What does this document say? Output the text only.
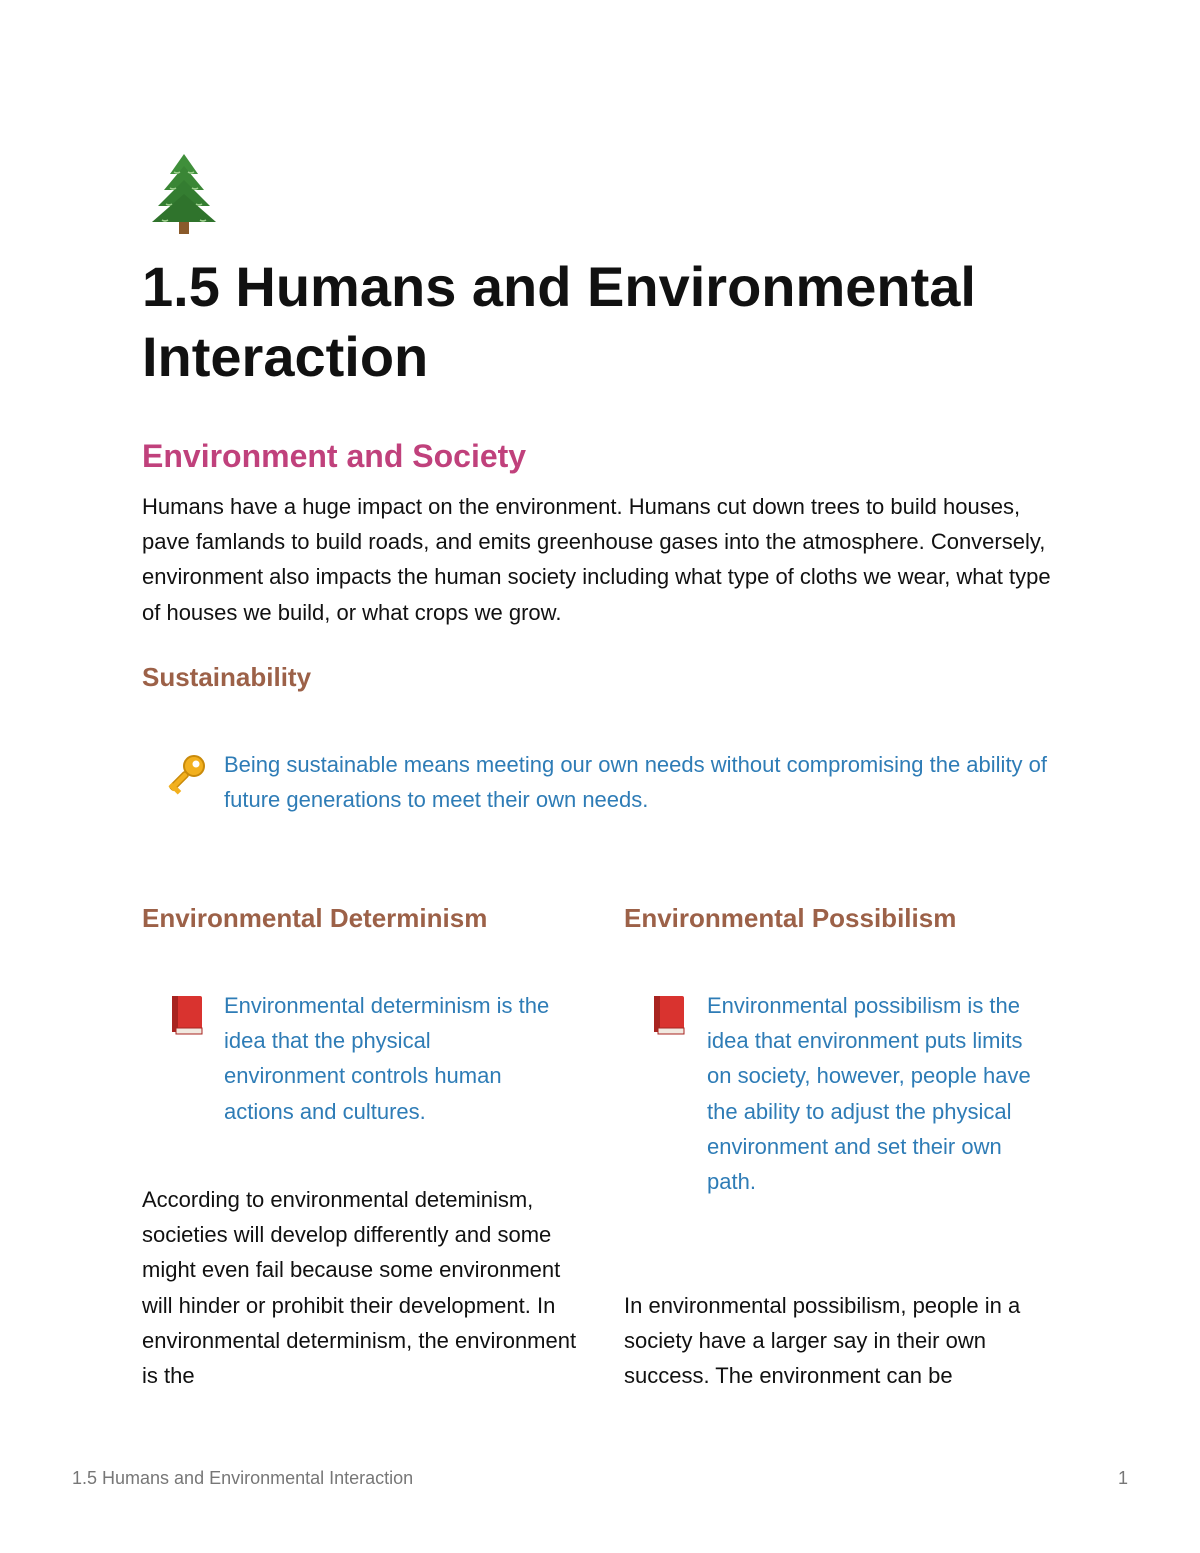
1.5 Humans and Environmental Interaction
Environment and Society

Humans have a huge impact on the environment. Humans cut down trees to build houses, pave famlands to build roads, and emits greenhouse gases into the atmosphere. Conversely, environment also impacts the human society including what type of cloths we wear, what type of houses we build, or what crops we grow.

Sustainability

Being sustainable means meeting our own needs without compromising the ability of future generations to meet their own needs.

Environmental Determinism

Environmental determinism is the idea that the physical environment controls human actions and cultures.

According to environmental deteminism, societies will develop differently and some might even fail because some environment will hinder or prohibit their development. In environmental determinism, the environment is the

Environmental Possibilism

Environmental possibilism is the idea that environment puts limits on society, however, people have the ability to adjust the physical environment and set their own path.

In environmental possibilism, people in a society have a larger say in their own success. The environment can be

1.5 Humans and Environmental Interaction	1
